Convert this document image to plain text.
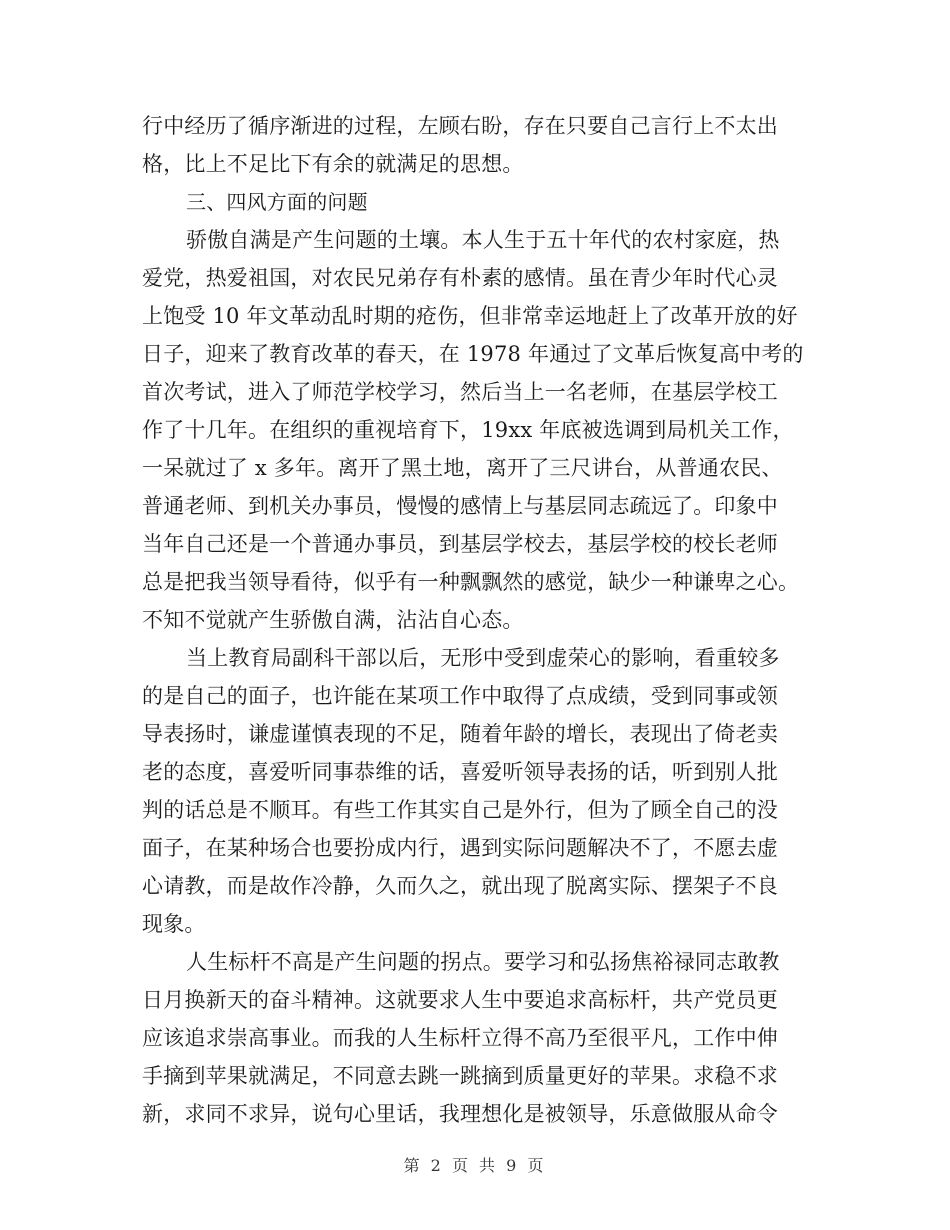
行中经历了循序渐进的过程，左顾右盼，存在只要自己言行上不太出
格，比上不足比下有余的就满足的思想。
三、四风方面的问题
骄傲自满是产生问题的土壤。本人生于五十年代的农村家庭，热
爱党，热爱祖国，对农民兄弟存有朴素的感情。虽在青少年时代心灵
上饱受 10 年文革动乱时期的疮伤，但非常幸运地赶上了改革开放的好
日子，迎来了教育改革的春天，在 1978 年通过了文革后恢复高中考的
首次考试，进入了师范学校学习，然后当上一名老师，在基层学校工
作了十几年。在组织的重视培育下，19xx 年底被选调到局机关工作，
一呆就过了 x 多年。离开了黑土地，离开了三尺讲台，从普通农民、
普通老师、到机关办事员，慢慢的感情上与基层同志疏远了。印象中
当年自己还是一个普通办事员，到基层学校去，基层学校的校长老师
总是把我当领导看待，似乎有一种飘飘然的感觉，缺少一种谦卑之心。
不知不觉就产生骄傲自满，沾沾自心态。
当上教育局副科干部以后，无形中受到虚荣心的影响，看重较多
的是自己的面子，也许能在某项工作中取得了点成绩，受到同事或领
导表扬时，谦虚谨慎表现的不足，随着年龄的增长，表现出了倚老卖
老的态度，喜爱听同事恭维的话，喜爱听领导表扬的话，听到别人批
判的话总是不顺耳。有些工作其实自己是外行，但为了顾全自己的没
面子，在某种场合也要扮成内行，遇到实际问题解决不了，不愿去虚
心请教，而是故作冷静，久而久之，就出现了脱离实际、摆架子不良
现象。
人生标杆不高是产生问题的拐点。要学习和弘扬焦裕禄同志敢教
日月换新天的奋斗精神。这就要求人生中要追求高标杆，共产党员更
应该追求崇高事业。而我的人生标杆立得不高乃至很平凡，工作中伸
手摘到苹果就满足，不同意去跳一跳摘到质量更好的苹果。求稳不求
新，求同不求异，说句心里话，我理想化是被领导，乐意做服从命令
第 2 页 共 9 页
